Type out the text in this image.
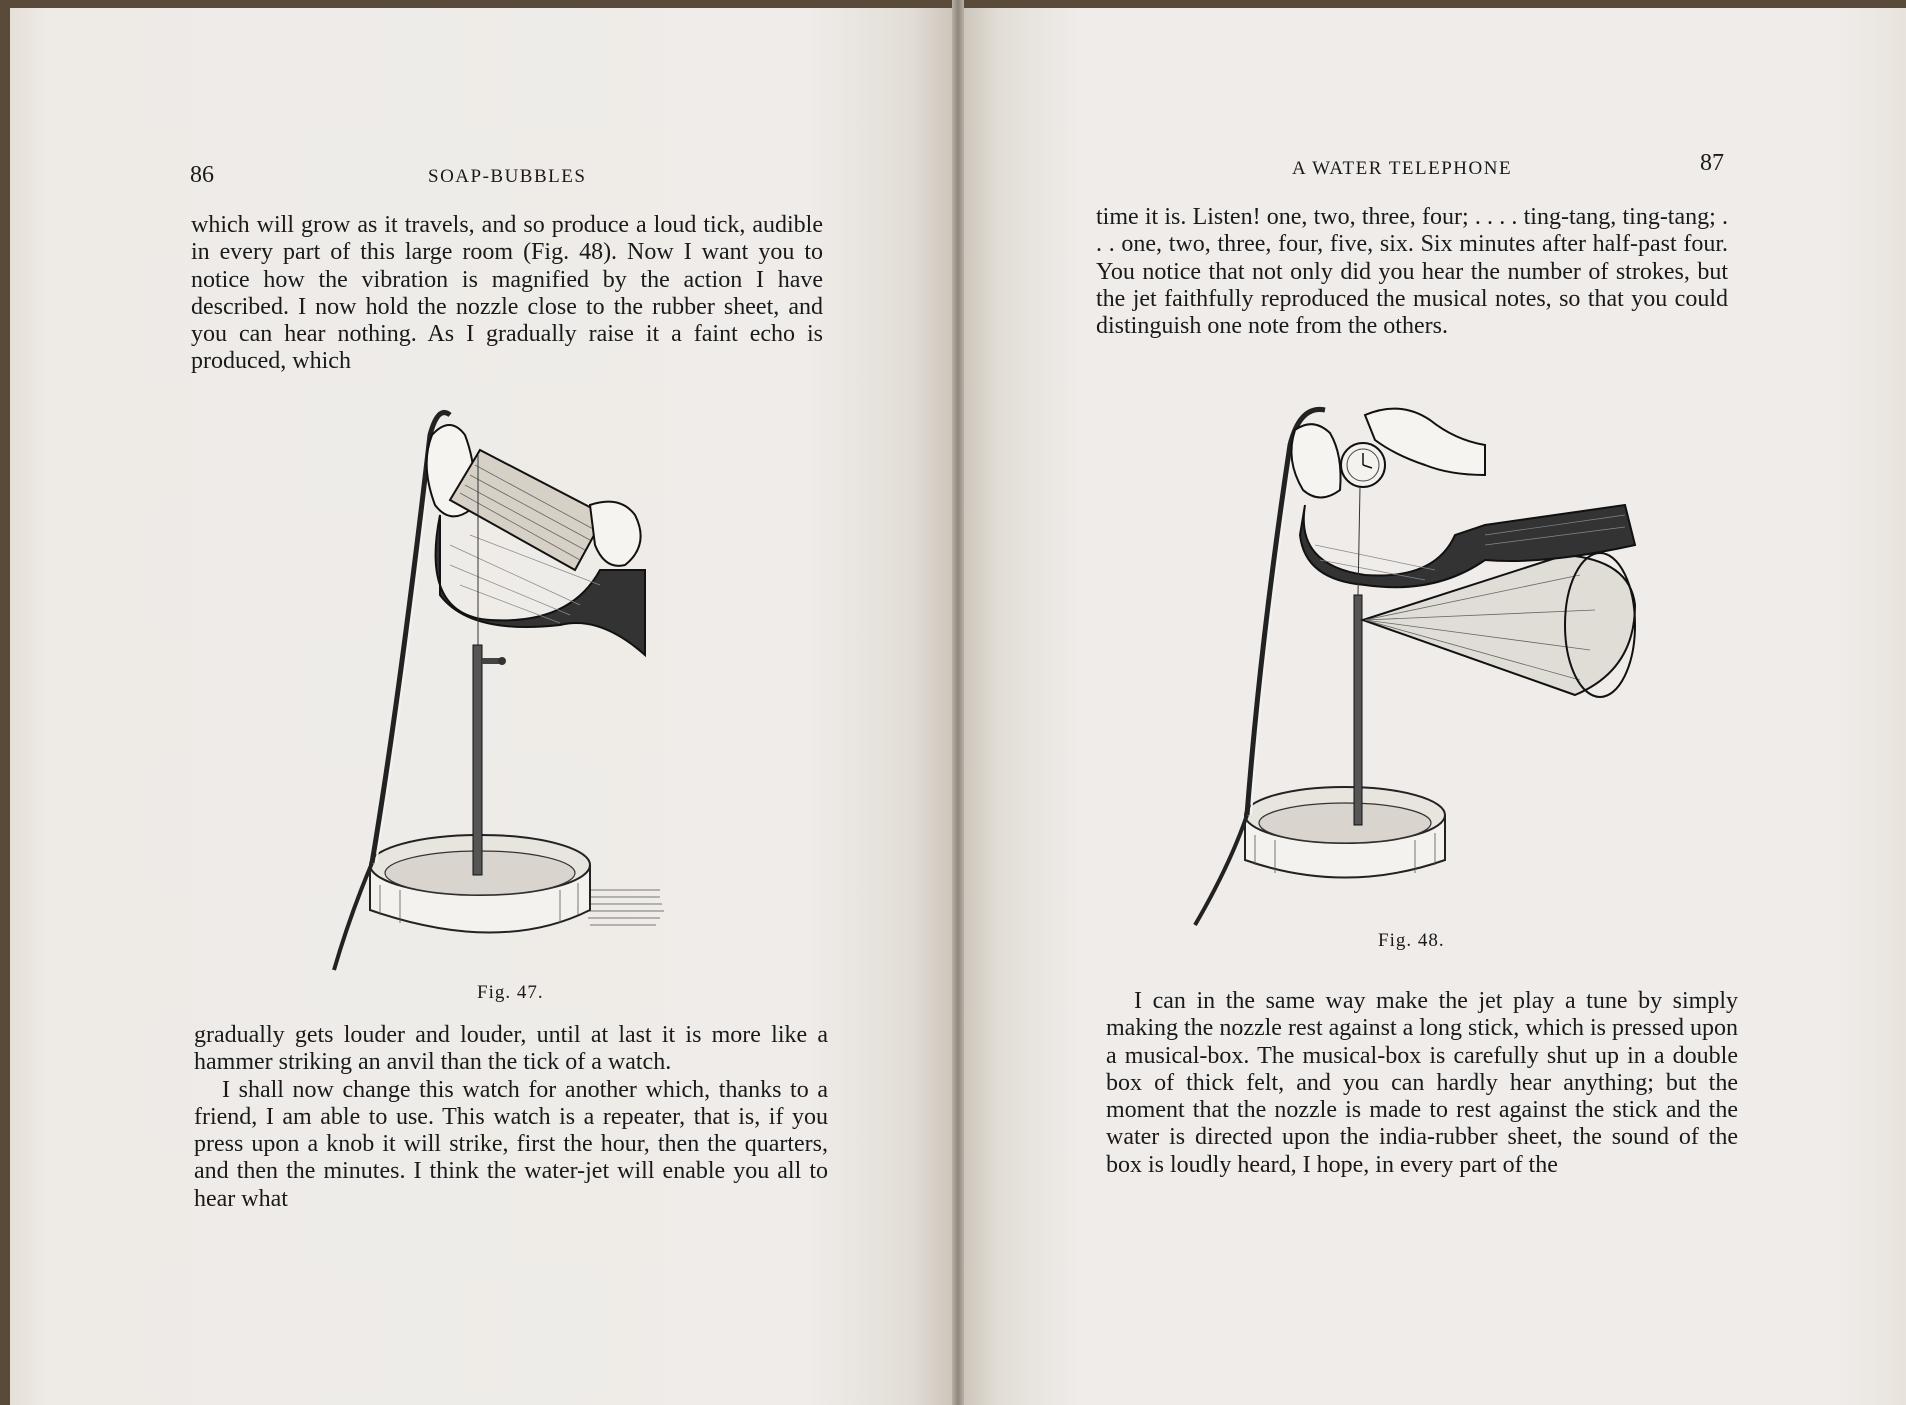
86	SOAP-BUBBLES

which will grow as it travels, and so produce a loud tick, audible in every part of this large room (Fig. 48). Now I want you to notice how the vibration is magnified by the action I have described. I now hold the nozzle close to the rubber sheet, and you can hear nothing. As I gradually raise it a faint echo is produced, which

Fig. 47.

gradually gets louder and louder, until at last it is more like a hammer striking an anvil than the tick of a watch.

I shall now change this watch for another which, thanks to a friend, I am able to use. This watch is a repeater, that is, if you press upon a knob it will strike, first the hour, then the quarters, and then the minutes. I think the water-jet will enable you all to hear what

A WATER TELEPHONE	87

time it is. Listen! one, two, three, four; . . . . ting-tang, ting-tang; . . . one, two, three, four, five, six. Six minutes after half-past four. You notice that not only did you hear the number of strokes, but the jet faithfully reproduced the musical notes, so that you could distinguish one note from the others.

Fig. 48.

I can in the same way make the jet play a tune by simply making the nozzle rest against a long stick, which is pressed upon a musical-box. The musical-box is carefully shut up in a double box of thick felt, and you can hardly hear anything; but the moment that the nozzle is made to rest against the stick and the water is directed upon the india-rubber sheet, the sound of the box is loudly heard, I hope, in every part of the
